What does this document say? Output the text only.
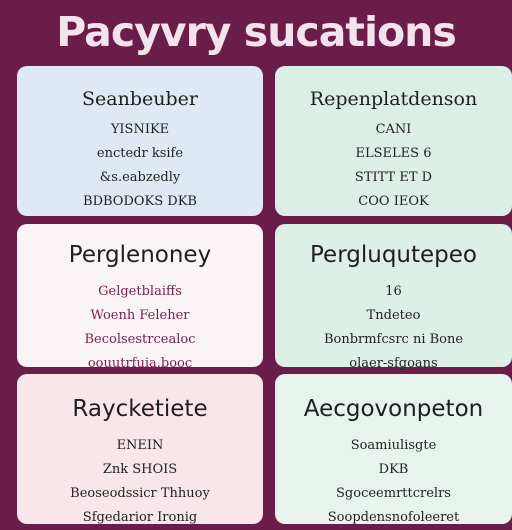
Pacyvry sucations
Seanbeuber
YISNIKE
enctedr ksife
&s.eabzedly
BDBODOKS DKB
Repenplatdenson
CANI
ELSELES 6
STITT ET D
COO IEOK
Perglenoney
Gelgetblaiffs
Woenh Feleher
Becolsestrcealoc
oouutrfuia.booc
Pergluqutepeo
16
Tndeteo
Bonbrmfcsrc ni Bone
olaer-sfgoans
Raycketiete
ENEIN
Znk SHOIS
Beoseodssicr Thhuoy
Sfgedarior Ironig
Aecgovonpeton
Soamiulisgte
DKB
Sgoceemrttcrelrs
Soopdensnofoleeret
